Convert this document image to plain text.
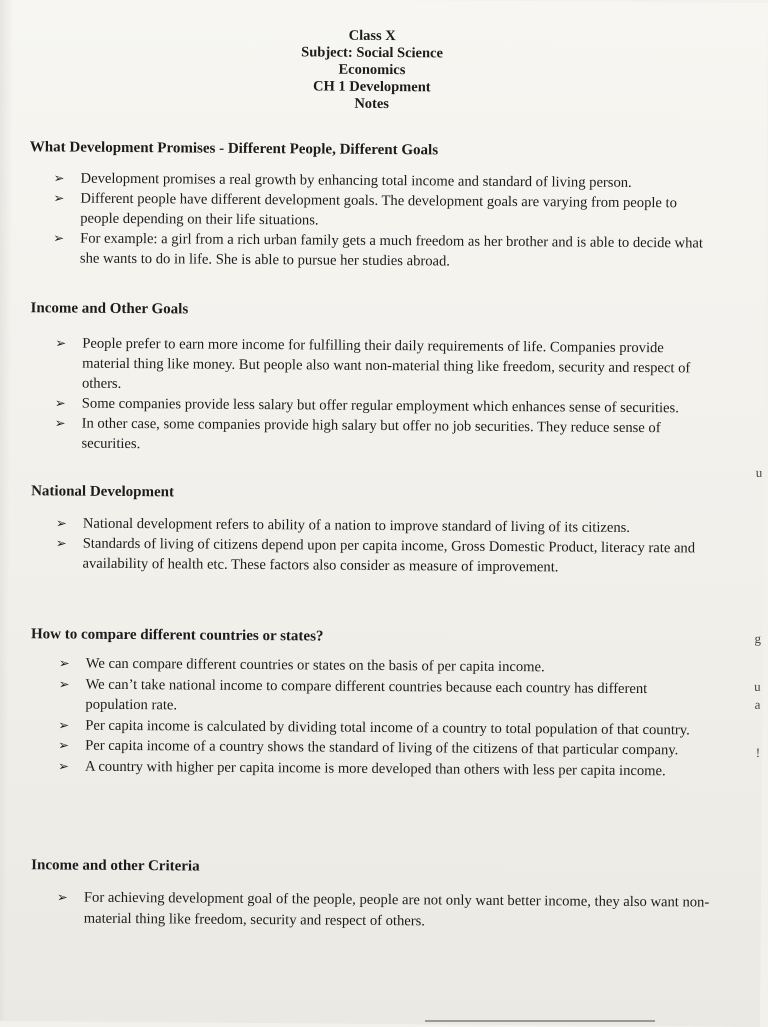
Class X
Subject: Social Science
Economics
CH 1 Development
Notes
What Development Promises - Different People, Different Goals

➢ Development promises a real growth by enhancing total income and standard of living person.

➢ Different people have different development goals. The development goals are varying from people to people depending on their life situations.

➢ For example: a girl from a rich urban family gets a much freedom as her brother and is able to decide what she wants to do in life. She is able to pursue her studies abroad.

Income and Other Goals

➢ People prefer to earn more income for fulfilling their daily requirements of life. Companies provide material thing like money. But people also want non-material thing like freedom, security and respect of others.

➢ Some companies provide less salary but offer regular employment which enhances sense of securities.

➢ In other case, some companies provide high salary but offer no job securities. They reduce sense of securities.

National Development

➢ National development refers to ability of a nation to improve standard of living of its citizens.

➢ Standards of living of citizens depend upon per capita income, Gross Domestic Product, literacy rate and availability of health etc. These factors also consider as measure of improvement.

How to compare different countries or states?

➢ We can compare different countries or states on the basis of per capita income.

➢ We can’t take national income to compare different countries because each country has different population rate.

➢ Per capita income is calculated by dividing total income of a country to total population of that country.

➢ Per capita income of a country shows the standard of living of the citizens of that particular company.

➢ A country with higher per capita income is more developed than others with less per capita income.

Income and other Criteria

➢ For achieving development goal of the people, people are not only want better income, they also want non-material thing like freedom, security and respect of others.

u
g
u
a
!
